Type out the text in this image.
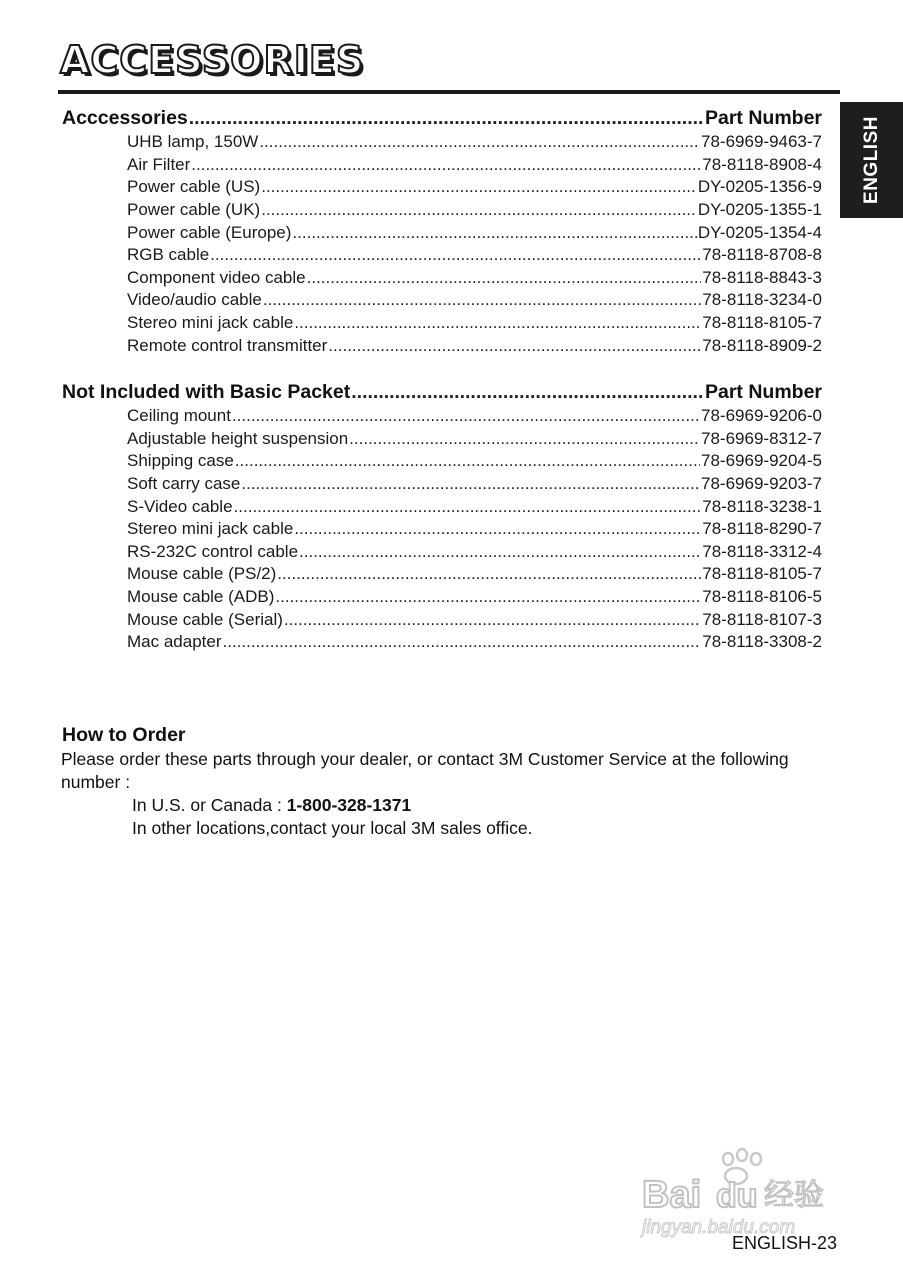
ACCESSORIES
ENGLISH
Acccessories .....	Part Number
UHB lamp, 150W .....	78-6969-9463-7
Air Filter .....	78-8118-8908-4
Power cable (US) .....	DY-0205-1356-9
Power cable (UK) .....	DY-0205-1355-1
Power cable (Europe) .....	DY-0205-1354-4
RGB cable .....	78-8118-8708-8
Component video cable .....	78-8118-8843-3
Video/audio cable .....	78-8118-3234-0
Stereo mini jack cable .....	78-8118-8105-7
Remote control transmitter .....	78-8118-8909-2
Not Included with Basic Packet .....	Part Number
Ceiling mount .....	78-6969-9206-0
Adjustable height suspension .....	78-6969-8312-7
Shipping case .....	78-6969-9204-5
Soft carry case .....	78-6969-9203-7
S-Video cable .....	78-8118-3238-1
Stereo mini jack cable .....	78-8118-8290-7
RS-232C control cable .....	78-8118-3312-4
Mouse cable (PS/2) .....	78-8118-8105-7
Mouse cable (ADB) .....	78-8118-8106-5
Mouse cable (Serial) .....	78-8118-8107-3
Mac adapter .....	78-8118-3308-2
How to Order

Please order these parts through your dealer, or contact 3M Customer Service at the following number :

In U.S. or Canada : 1-800-328-1371
In other locations,contact your local 3M sales office.
Bai du 经验
jingyan.baidu.com
ENGLISH-23
